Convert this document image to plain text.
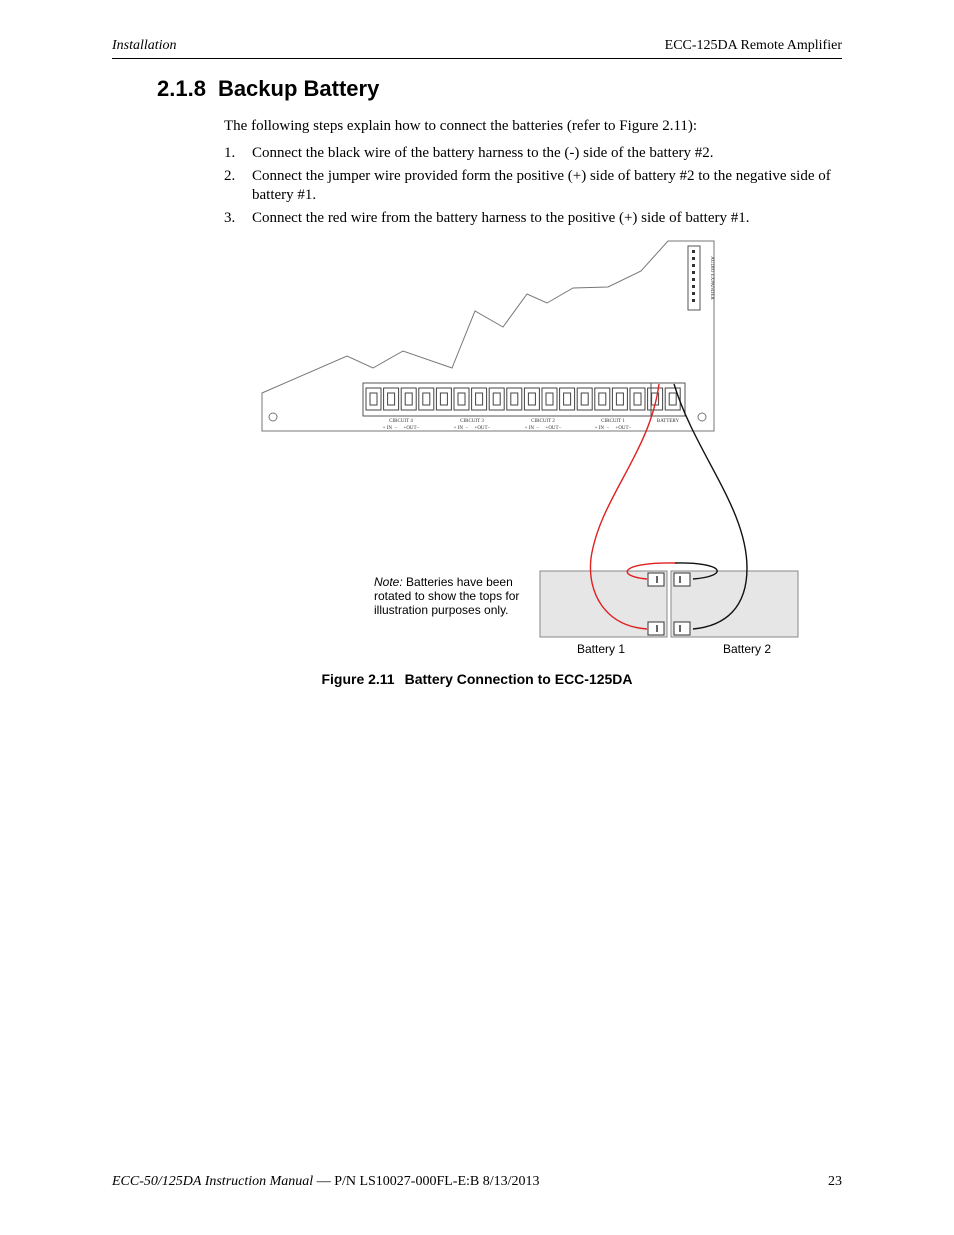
Installation	ECC-125DA Remote Amplifier
2.1.8 Backup Battery

The following steps explain how to connect the batteries (refer to Figure 2.11):

1. Connect the black wire of the battery harness to the (-) side of the battery #2.
2. Connect the jumper wire provided form the positive (+) side of battery #2 to the negative side of battery #1.
3. Connect the red wire from the battery harness to the positive (+) side of battery #1.
AUDIO EXPANDER
CIRCUIT 4	CIRCUIT 3	CIRCUIT 2	CIRCUIT 1
+ IN  −     +OUT−	+ IN  −     +OUT−	+ IN  −     +OUT−	+ IN  −     +OUT−
BATTERY
Note: Batteries have been rotated to show the tops for illustration purposes only.
Battery 1	Battery 2
Figure 2.11 Battery Connection to ECC-125DA
ECC-50/125DA Instruction Manual — P/N LS10027-000FL-E:B 8/13/2013	23
